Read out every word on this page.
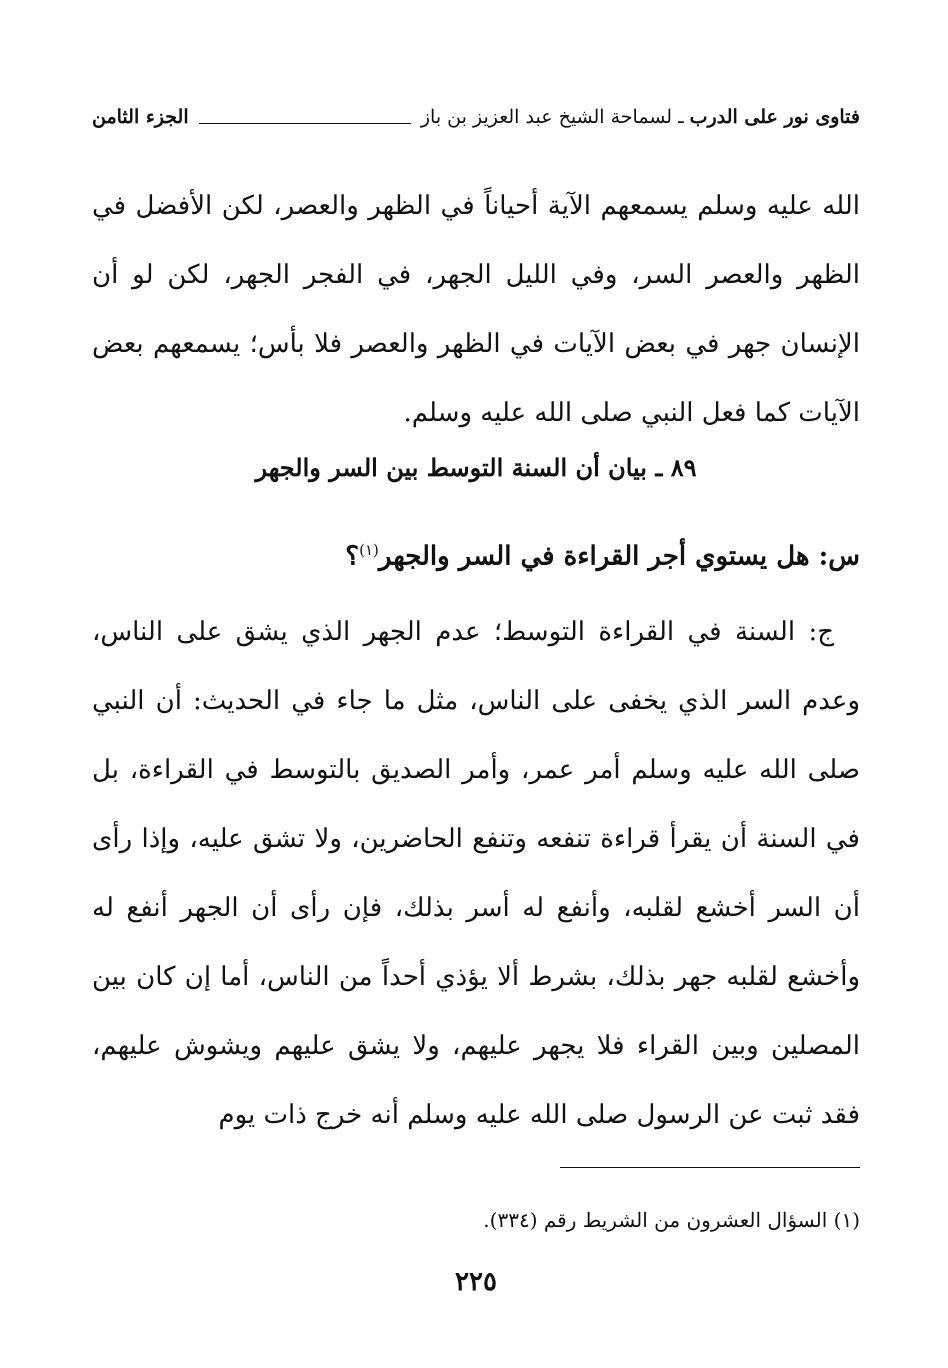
فتاوى نور على الدرب
ـ
لسماحة الشيخ عبد العزيز بن باز
الجزء الثامن
الله عليه وسلم يسمعهم الآية أحياناً في الظهر والعصر، لكن الأفضل في الظهر والعصر السر، وفي الليل الجهر، في الفجر الجهر، لكن لو أن الإنسان جهر في بعض الآيات في الظهر والعصر فلا بأس؛ يسمعهم بعض الآيات كما فعل النبي صلى الله عليه وسلم.
٨٩ ـ بيان أن السنة التوسط بين السر والجهر
س: هل يستوي أجر القراءة في السر والجهر$^{(١)}$؟
ج: السنة في القراءة التوسط؛ عدم الجهر الذي يشق على الناس، وعدم السر الذي يخفى على الناس، مثل ما جاء في الحديث: أن النبي صلى الله عليه وسلم أمر عمر، وأمر الصديق بالتوسط في القراءة، بل في السنة أن يقرأ قراءة تنفعه وتنفع الحاضرين، ولا تشق عليه، وإذا رأى أن السر أخشع لقلبه، وأنفع له أسر بذلك، فإن رأى أن الجهر أنفع له وأخشع لقلبه جهر بذلك، بشرط ألا يؤذي أحداً من الناس، أما إن كان بين المصلين وبين القراء فلا يجهر عليهم، ولا يشق عليهم ويشوش عليهم، فقد ثبت عن الرسول صلى الله عليه وسلم أنه خرج ذات يوم
(١) السؤال العشرون من الشريط رقم (٣٣٤).
٢٢٥
